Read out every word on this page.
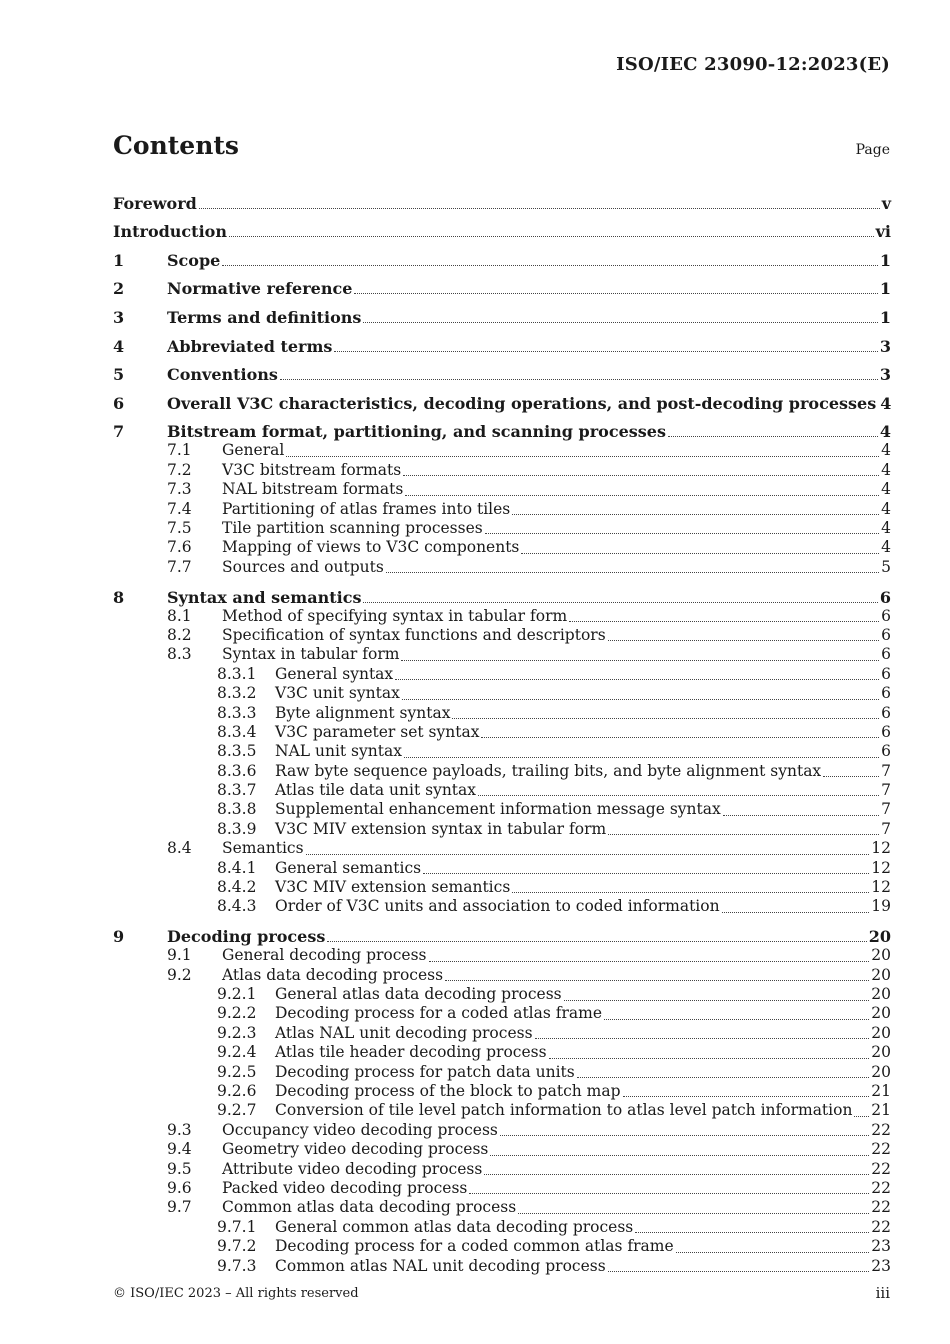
ISO/IEC 23090-12:2023(E)
Contents	Page
Foreword	v
Introduction	vi
1	Scope	1
2	Normative reference	1
3	Terms and definitions	1
4	Abbreviated terms	3
5	Conventions	3
6	Overall V3C characteristics, decoding operations, and post-decoding processes 4
7	Bitstream format, partitioning, and scanning processes	4
7.1	General	4
7.2	V3C bitstream formats	4
7.3	NAL bitstream formats	4
7.4	Partitioning of atlas frames into tiles	4
7.5	Tile partition scanning processes	4
7.6	Mapping of views to V3C components	4
7.7	Sources and outputs	5
8	Syntax and semantics	6
8.1	Method of specifying syntax in tabular form	6
8.2	Specification of syntax functions and descriptors	6
8.3	Syntax in tabular form	6
8.3.1	General syntax	6
8.3.2	V3C unit syntax	6
8.3.3	Byte alignment syntax	6
8.3.4	V3C parameter set syntax	6
8.3.5	NAL unit syntax	6
8.3.6	Raw byte sequence payloads, trailing bits, and byte alignment syntax	7
8.3.7	Atlas tile data unit syntax	7
8.3.8	Supplemental enhancement information message syntax	7
8.3.9	V3C MIV extension syntax in tabular form	7
8.4	Semantics	12
8.4.1	General semantics	12
8.4.2	V3C MIV extension semantics	12
8.4.3	Order of V3C units and association to coded information	19
9	Decoding process	20
9.1	General decoding process	20
9.2	Atlas data decoding process	20
9.2.1	General atlas data decoding process	20
9.2.2	Decoding process for a coded atlas frame	20
9.2.3	Atlas NAL unit decoding process	20
9.2.4	Atlas tile header decoding process	20
9.2.5	Decoding process for patch data units	20
9.2.6	Decoding process of the block to patch map	21
9.2.7	Conversion of tile level patch information to atlas level patch information 21
9.3	Occupancy video decoding process	22
9.4	Geometry video decoding process	22
9.5	Attribute video decoding process	22
9.6	Packed video decoding process	22
9.7	Common atlas data decoding process	22
9.7.1	General common atlas data decoding process	22
9.7.2	Decoding process for a coded common atlas frame	23
9.7.3	Common atlas NAL unit decoding process	23
© ISO/IEC 2023 – All rights reserved	iii
